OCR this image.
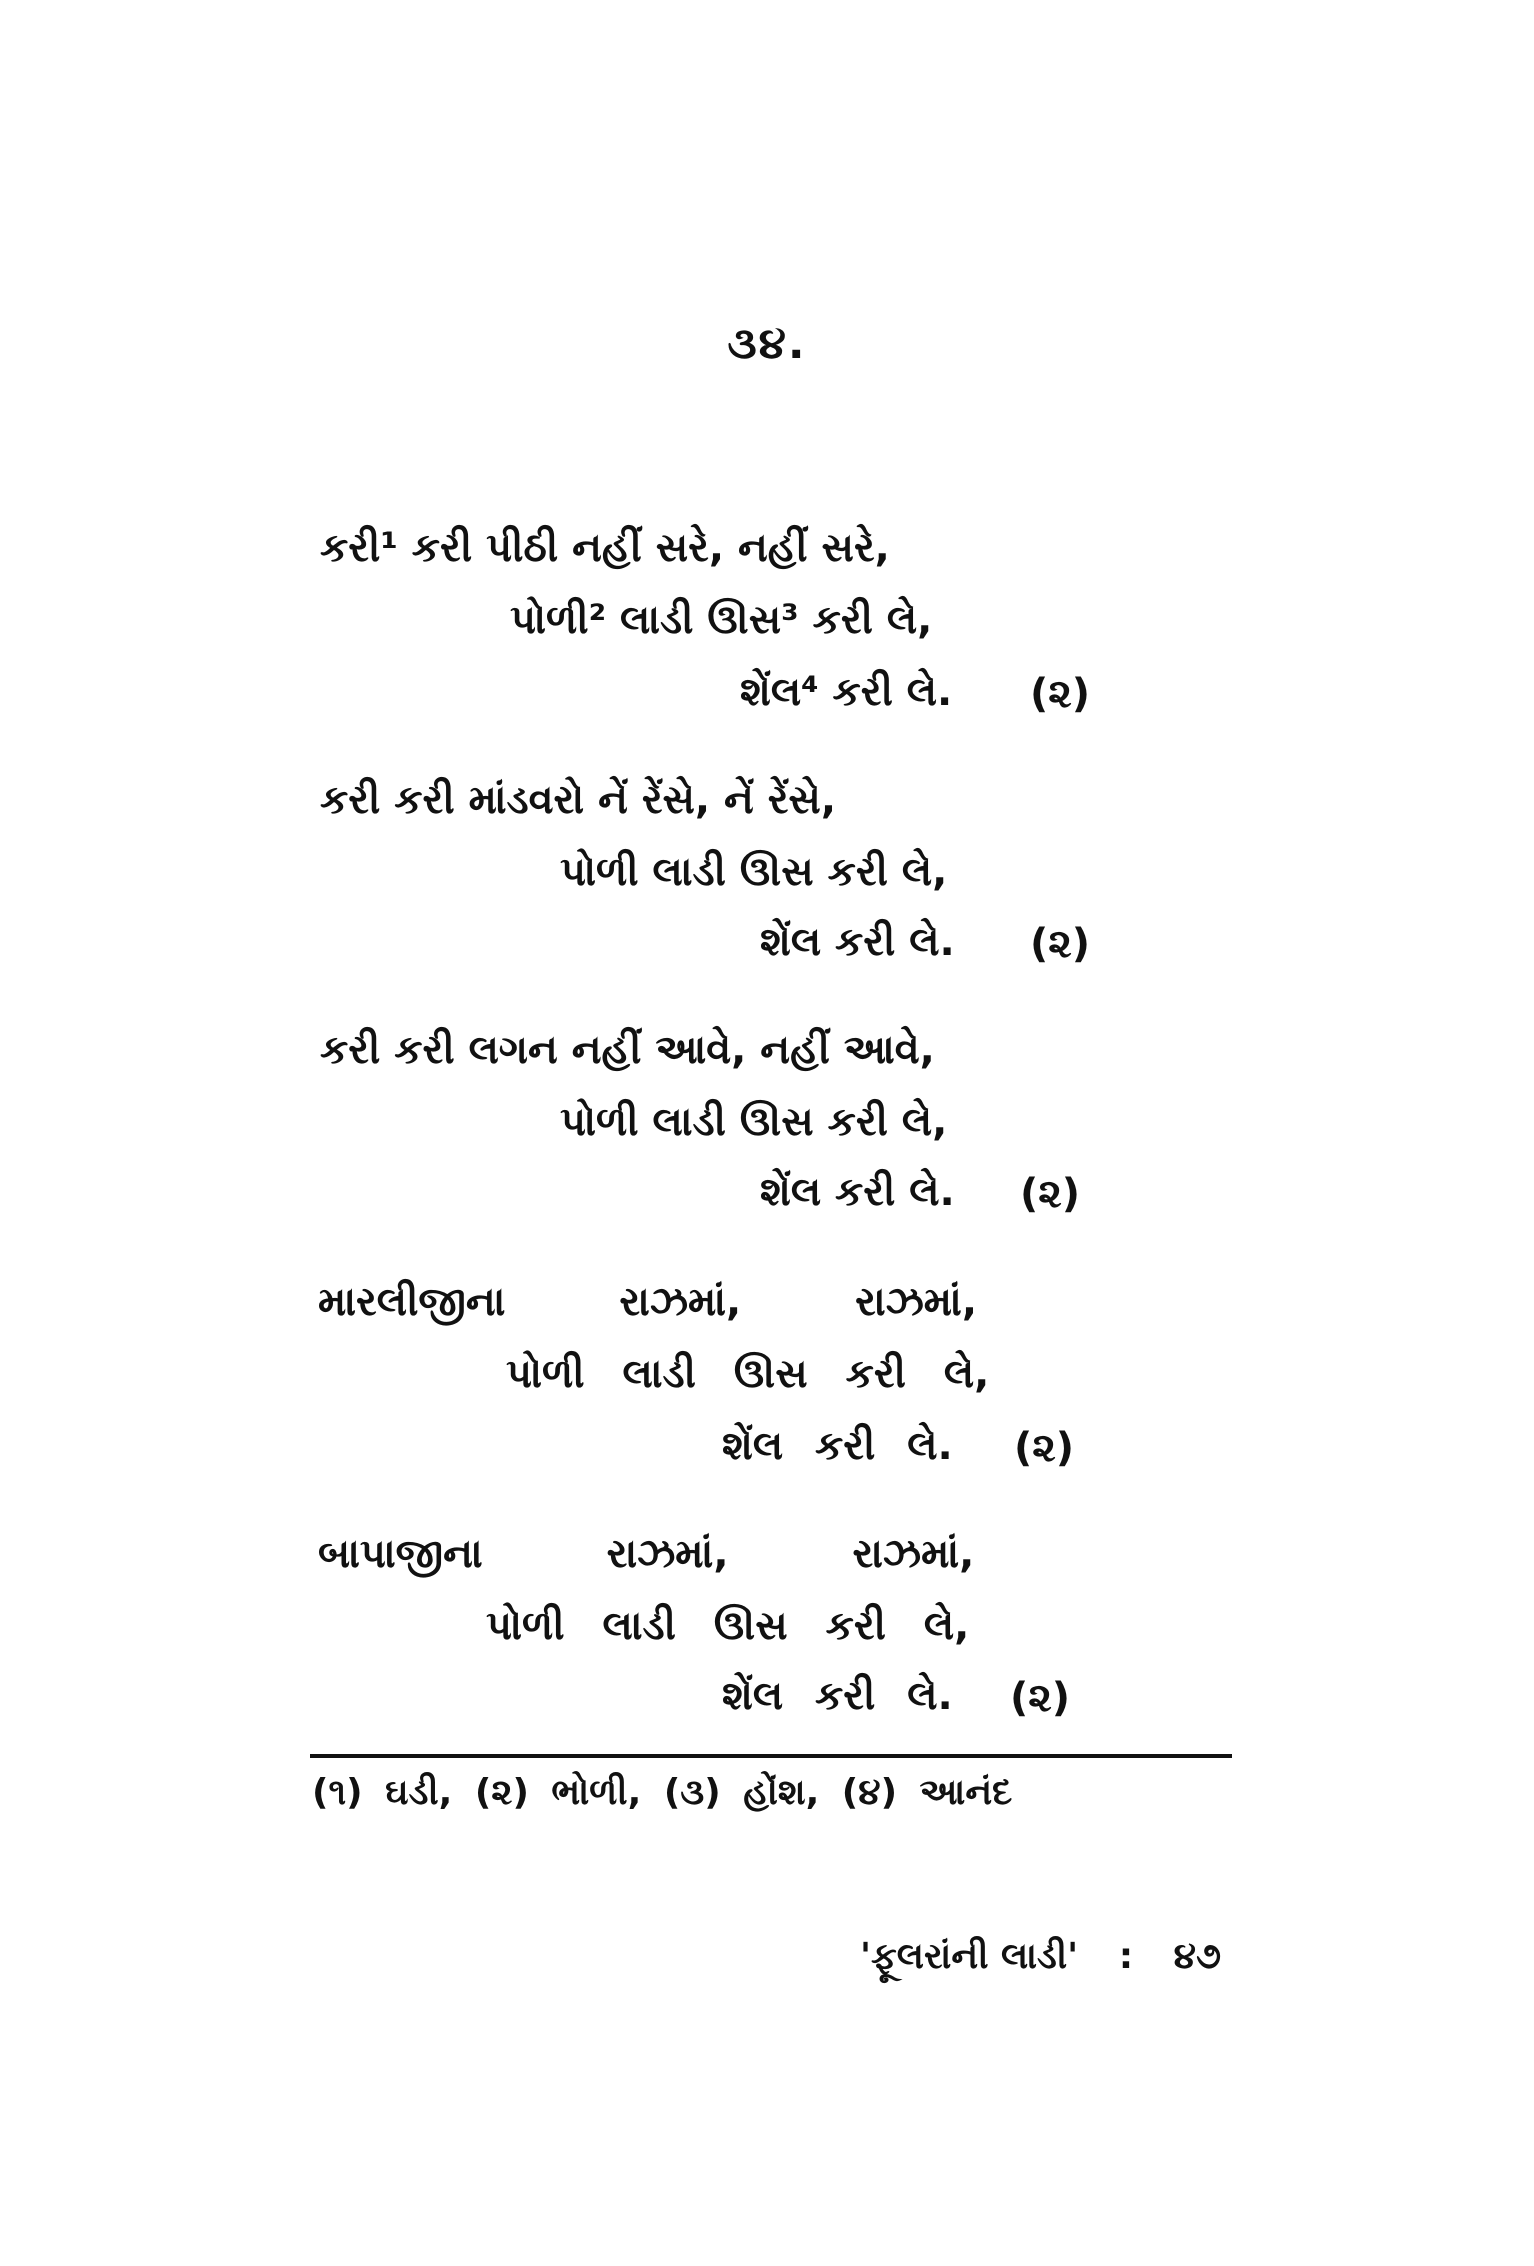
૩૪.
કરી¹ કરી પીઠી નહીં સરે, નહીં સરે,
પોળી² લાડી ઊસ³ કરી લે,
શેંલ⁴ કરી લે. (૨)
કરી કરી માંડવરો નેં રેંસે, નેં રેંસે,
પોળી લાડી ઊસ કરી લે,
શેંલ કરી લે. (૨)
કરી કરી લગન નહીં આવે, નહીં આવે,
પોળી લાડી ઊસ કરી લે,
શેંલ કરી લે. (૨)
મારલીજીના રાઝમાં, રાઝમાં,
પોળી લાડી ઊસ કરી લે,
શેંલ કરી લે. (૨)
બાપાજીના રાઝમાં, રાઝમાં,
પોળી લાડી ઊસ કરી લે,
શેંલ કરી લે. (૨)
(૧) ઘડી, (૨) ભોળી, (૩) હોંશ, (૪) આનંદ
'ફૂલરાંની લાડી' : ૪૭
